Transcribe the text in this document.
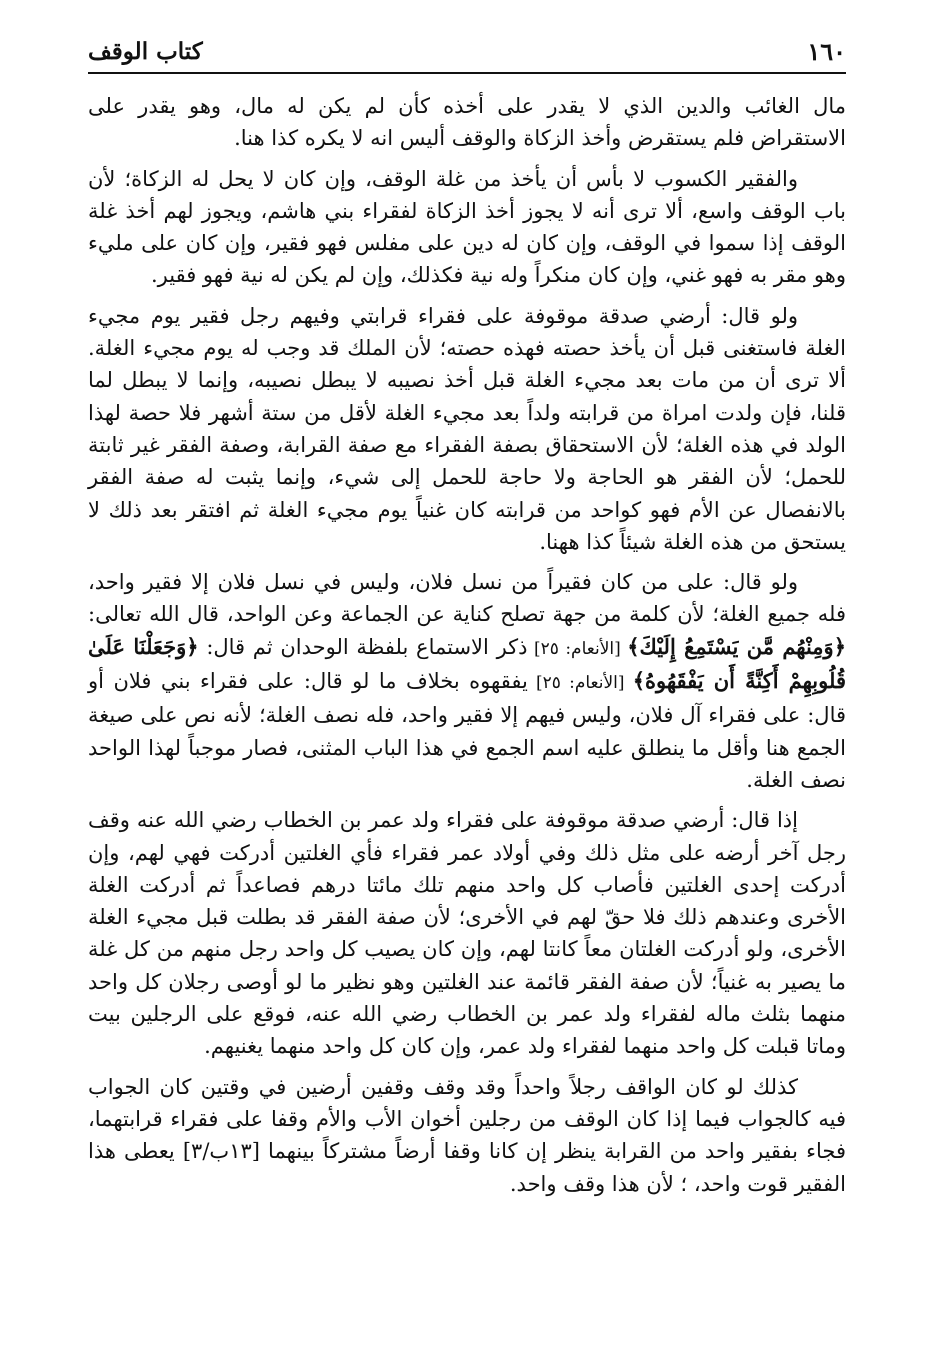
١٦٠
كتاب الوقف

مال الغائب والدين الذي لا يقدر على أخذه كأن لم يكن له مال، وهو يقدر على الاستقراض فلم يستقرض وأخذ الزكاة والوقف أليس انه لا يكره كذا هنا.

والفقير الكسوب لا بأس أن يأخذ من غلة الوقف، وإن كان لا يحل له الزكاة؛ لأن باب الوقف واسع، ألا ترى أنه لا يجوز أخذ الزكاة لفقراء بني هاشم، ويجوز لهم أخذ غلة الوقف إذا سموا في الوقف، وإن كان له دين على مفلس فهو فقير، وإن كان على مليء وهو مقر به فهو غني، وإن كان منكراً وله نية فكذلك، وإن لم يكن له نية فهو فقير.

ولو قال: أرضي صدقة موقوفة على فقراء قرابتي وفيهم رجل فقير يوم مجيء الغلة فاستغنى قبل أن يأخذ حصته فهذه حصته؛ لأن الملك قد وجب له يوم مجيء الغلة. ألا ترى أن من مات بعد مجيء الغلة قبل أخذ نصيبه لا يبطل نصيبه، وإنما لا يبطل لما قلنا، فإن ولدت امراة من قرابته ولداً بعد مجيء الغلة لأقل من ستة أشهر فلا حصة لهذا الولد في هذه الغلة؛ لأن الاستحقاق بصفة الفقراء مع صفة القرابة، وصفة الفقر غير ثابتة للحمل؛ لأن الفقر هو الحاجة ولا حاجة للحمل إلى شيء، وإنما يثبت له صفة الفقر بالانفصال عن الأم فهو كواحد من قرابته كان غنياً يوم مجيء الغلة ثم افتقر بعد ذلك لا يستحق من هذه الغلة شيئاً كذا ههنا.

ولو قال: على من كان فقيراً من نسل فلان، وليس في نسل فلان إلا فقير واحد، فله جميع الغلة؛ لأن كلمة من جهة تصلح كناية عن الجماعة وعن الواحد، قال الله تعالى: ﴿وَمِنْهُم مَّن يَسْتَمِعُ إِلَيْكَ﴾ [الأنعام: ٢٥] ذكر الاستماع بلفظة الوحدان ثم قال: ﴿وَجَعَلْنَا عَلَىٰ قُلُوبِهِمْ أَكِنَّةً أَن يَفْقَهُوهُ﴾ [الأنعام: ٢٥] يفقهوه بخلاف ما لو قال: على فقراء بني فلان أو قال: على فقراء آل فلان، وليس فيهم إلا فقير واحد، فله نصف الغلة؛ لأنه نص على صيغة الجمع هنا وأقل ما ينطلق عليه اسم الجمع في هذا الباب المثنى، فصار موجباً لهذا الواحد نصف الغلة.

إذا قال: أرضي صدقة موقوفة على فقراء ولد عمر بن الخطاب رضي الله عنه وقف رجل آخر أرضه على مثل ذلك وفي أولاد عمر فقراء فأي الغلتين أدركت فهي لهم، وإن أدركت إحدى الغلتين فأصاب كل واحد منهم تلك مائتا درهم فصاعداً ثم أدركت الغلة الأخرى وعندهم ذلك فلا حقّ لهم في الأخرى؛ لأن صفة الفقر قد بطلت قبل مجيء الغلة الأخرى، ولو أدركت الغلتان معاً كانتا لهم، وإن كان يصيب كل واحد رجل منهم من كل غلة ما يصير به غنياً؛ لأن صفة الفقر قائمة عند الغلتين وهو نظير ما لو أوصى رجلان كل واحد منهما بثلث ماله لفقراء ولد عمر بن الخطاب رضي الله عنه، فوقع على الرجلين بيت وماتا قبلت كل واحد منهما لفقراء ولد عمر، وإن كان كل واحد منهما يغنيهم.

كذلك لو كان الواقف رجلاً واحداً وقد وقف وقفين أرضين في وقتين كان الجواب فيه كالجواب فيما إذا كان الوقف من رجلين أخوان الأب والأم وقفا على فقراء قرابتهما، فجاء بفقير واحد من القرابة ينظر إن كانا وقفا أرضاً مشتركاً بينهما [١٣ب/٣] يعطى هذا الفقير قوت واحد، ؛ لأن هذا وقف واحد.
